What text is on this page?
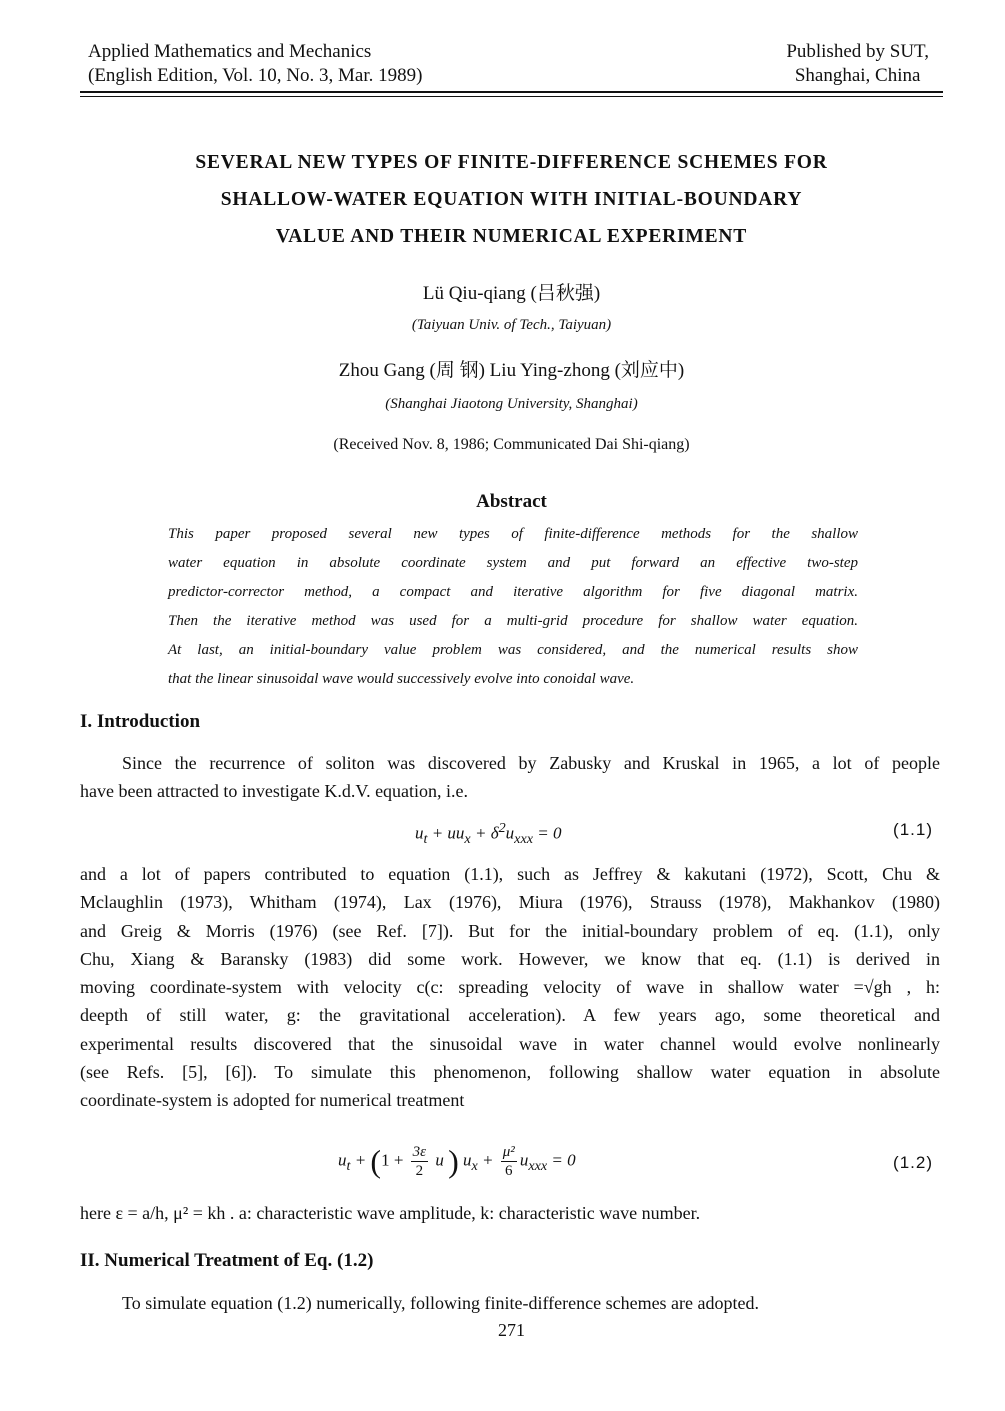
Applied Mathematics and Mechanics
(English Edition, Vol. 10, No. 3, Mar. 1989)
Published by SUT,
Shanghai, China
SEVERAL NEW TYPES OF FINITE-DIFFERENCE SCHEMES FOR
SHALLOW-WATER EQUATION WITH INITIAL-BOUNDARY
VALUE AND THEIR NUMERICAL EXPERIMENT
Lü Qiu-qiang (吕秋强)
(Taiyuan Univ. of Tech., Taiyuan)
Zhou Gang (周 钢) Liu Ying-zhong (刘应中)
(Shanghai Jiaotong University, Shanghai)
(Received Nov. 8, 1986; Communicated Dai Shi-qiang)
Abstract
This paper proposed several new types of finite-difference methods for the shallow
water equation in absolute coordinate system and put forward an effective two-step
predictor-corrector method, a compact and iterative algorithm for five diagonal matrix.
Then the iterative method was used for a multi-grid procedure for shallow water equation.
At last, an initial-boundary value problem was considered, and the numerical results show
that the linear sinusoidal wave would successively evolve into conoidal wave.
I. Introduction
Since the recurrence of soliton was discovered by Zabusky and Kruskal in 1965, a lot of people
have been attracted to investigate K.d.V. equation, i.e.
$u_t + uu_x + \delta^2u_{xxx} = 0$	(1.1)
and a lot of papers contributed to equation (1.1), such as Jeffrey & kakutani (1972), Scott, Chu &
Mclaughlin (1973), Whitham (1974), Lax (1976), Miura (1976), Strauss (1978), Makhankov (1980)
and Greig & Morris (1976) (see Ref. [7]). But for the initial-boundary problem of eq. (1.1), only
Chu, Xiang & Baransky (1983) did some work. However, we know that eq. (1.1) is derived in
moving coordinate-system with velocity c(c: spreading velocity of wave in shallow water =√gh , h:
deepth of still water, g: the gravitational acceleration). A few years ago, some theoretical and
experimental results discovered that the sinusoidal wave in water channel would evolve nonlinearly
(see Refs. [5], [6]). To simulate this phenomenon, following shallow water equation in absolute
coordinate-system is adopted for numerical treatment
$u_t + (1 + \frac{3\varepsilon}{2}$ u ) $u_x + \frac{\text{μ²}}{6} u_{xxx} = 0$	(1.2)
here ε = a/h, μ² = kh . a: characteristic wave amplitude, k: characteristic wave number.
II. Numerical Treatment of Eq. (1.2)
To simulate equation (1.2) numerically, following finite-difference schemes are adopted.
271
